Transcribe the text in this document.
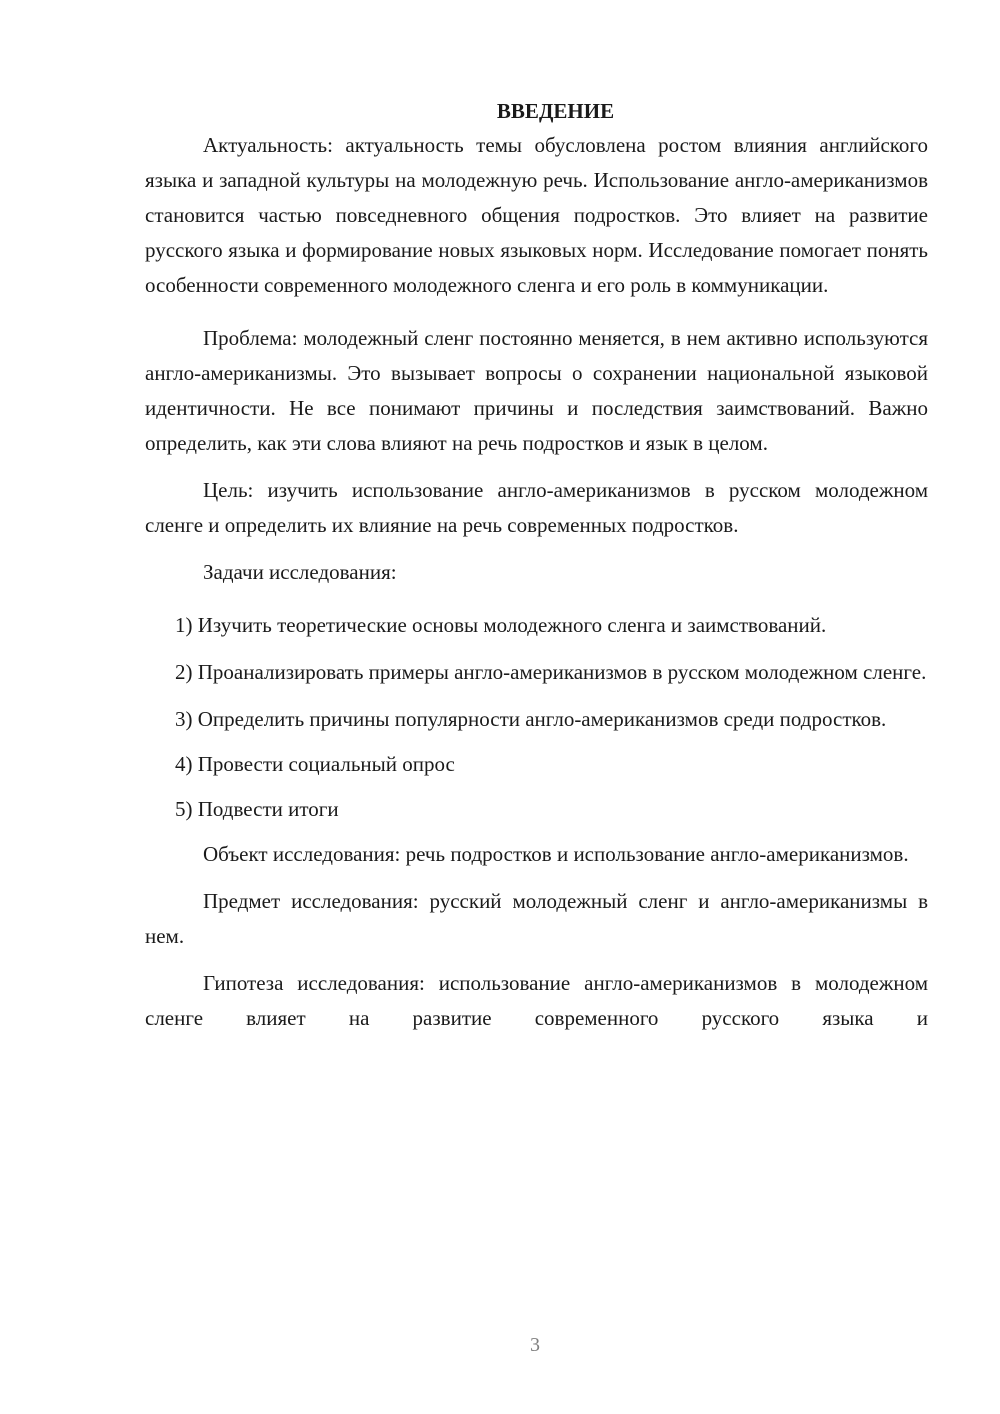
ВВЕДЕНИЕ

Актуальность: актуальность темы обусловлена ростом влияния английского языка и западной культуры на молодежную речь. Использование англо-американизмов становится частью повседневного общения подростков. Это влияет на развитие русского языка и формирование новых языковых норм. Исследование помогает понять особенности современного молодежного сленга и его роль в коммуникации.

Проблема: молодежный сленг постоянно меняется, в нем активно используются англо-американизмы. Это вызывает вопросы о сохранении национальной языковой идентичности. Не все понимают причины и последствия заимствований. Важно определить, как эти слова влияют на речь подростков и язык в целом.

Цель: изучить использование англо-американизмов в русском молодежном сленге и определить их влияние на речь современных подростков.

Задачи исследования:

1) Изучить теоретические основы молодежного сленга и заимствований.

2) Проанализировать примеры англо-американизмов в русском молодежном сленге.

3) Определить причины популярности англо-американизмов среди подростков.

4) Провести социальный опрос

5) Подвести итоги

Объект исследования: речь подростков и использование англо-американизмов.

Предмет исследования: русский молодежный сленг и англо-американизмы в нем.

Гипотеза исследования: использование англо-американизмов в молодежном сленге влияет на развитие современного русского языка и

3
